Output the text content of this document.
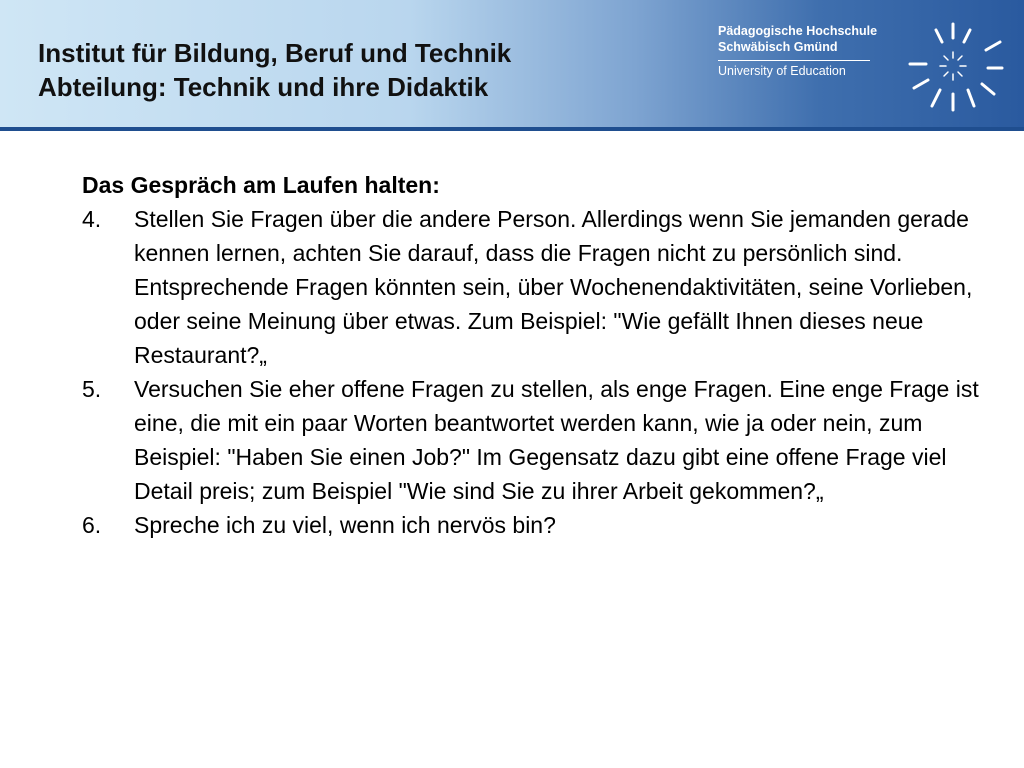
Institut für Bildung, Beruf und Technik
Abteilung: Technik und ihre Didaktik
Pädagogische Hochschule
Schwäbisch Gmünd
University of Education
Das Gespräch am Laufen halten:
4. Stellen Sie Fragen über die andere Person. Allerdings wenn Sie jemanden gerade kennen lernen, achten Sie darauf, dass die Fragen nicht zu persönlich sind. Entsprechende Fragen könnten sein, über Wochenendaktivitäten, seine Vorlieben, oder seine Meinung über etwas. Zum Beispiel: "Wie gefällt Ihnen dieses neue Restaurant?„
5. Versuchen Sie eher offene Fragen zu stellen, als enge Fragen. Eine enge Frage ist eine, die mit ein paar Worten beantwortet werden kann, wie ja oder nein, zum Beispiel: "Haben Sie einen Job?" Im Gegensatz dazu gibt eine offene Frage viel Detail preis; zum Beispiel "Wie sind Sie zu ihrer Arbeit gekommen?„
6. Spreche ich zu viel, wenn ich nervös bin?
